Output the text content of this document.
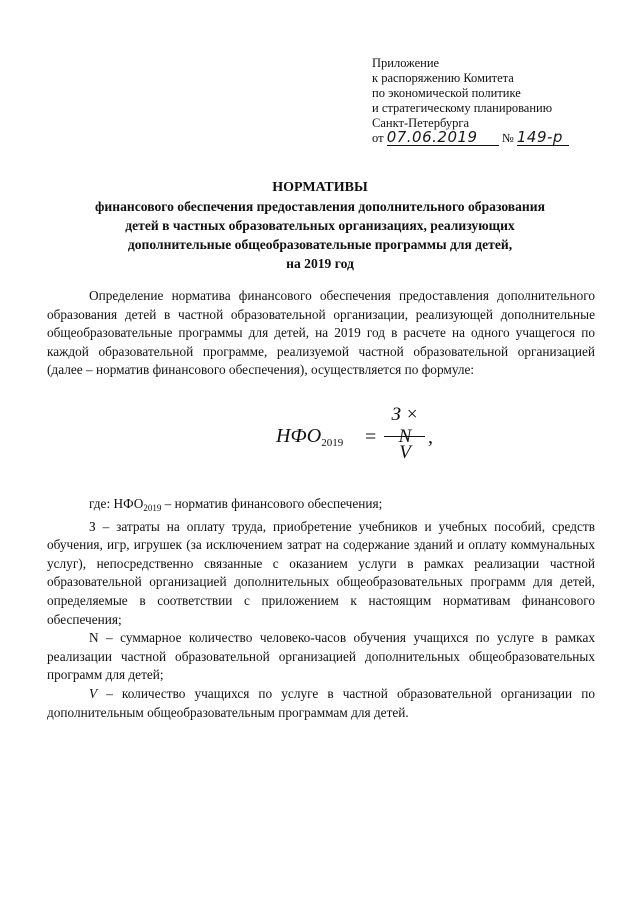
Приложение
к распоряжению Комитета
по экономической политике
и стратегическому планированию
Санкт-Петербурга
от 07.06.2019 № 149-р
НОРМАТИВЫ
финансового обеспечения предоставления дополнительного образования
детей в частных образовательных организациях, реализующих
дополнительные общеобразовательные программы для детей,
на 2019 год
Определение норматива финансового обеспечения предоставления дополнительного образования детей в частной образовательной организации, реализующей дополнительные общеобразовательные программы для детей, на 2019 год в расчете на одного учащегося по каждой образовательной программе, реализуемой частной образовательной организацией (далее – норматив финансового обеспечения), осуществляется по формуле:
$НФО_{2019}$ =
З × N
V
,
где: $НФО_{2019}$ – норматив финансового обеспечения;
З – затраты на оплату труда, приобретение учебников и учебных пособий, средств обучения, игр, игрушек (за исключением затрат на содержание зданий и оплату коммунальных услуг), непосредственно связанные с оказанием услуги в рамках реализации частной образовательной организацией дополнительных общеобразовательных программ для детей, определяемые в соответствии с приложением к настоящим нормативам финансового обеспечения;
N – суммарное количество человеко-часов обучения учащихся по услуге в рамках реализации частной образовательной организацией дополнительных общеобразовательных программ для детей;
V – количество учащихся по услуге в частной образовательной организации по дополнительным общеобразовательным программам для детей.
